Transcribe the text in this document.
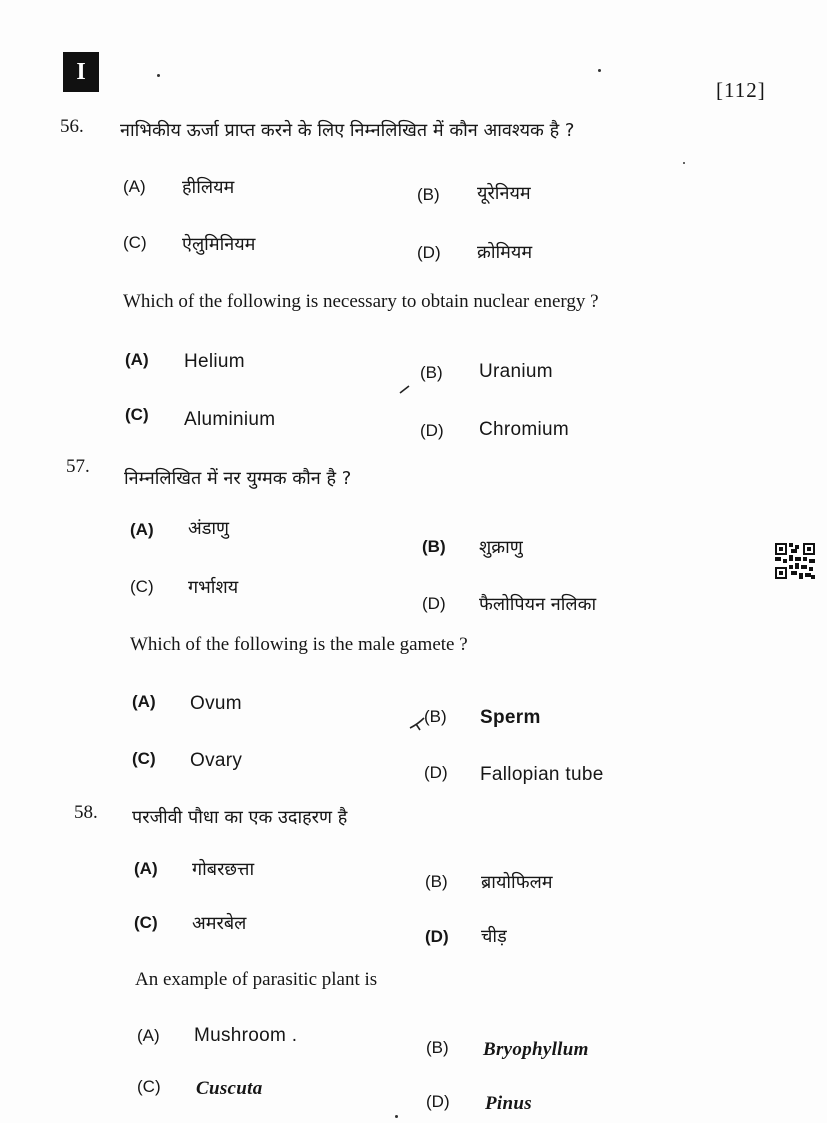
I
[112]
56. नाभिकीय ऊर्जा प्राप्त करने के लिए निम्नलिखित में कौन आवश्यक है ?
(A) हीलियम	(B) यूरेनियम
(C) ऐलुमिनियम	(D) क्रोमियम
Which of the following is necessary to obtain nuclear energy ?
(A) Helium
(B) Uranium
(C) Aluminium
(D) Chromium
57.
निम्नलिखित में नर युग्मक कौन है ?
(A) अंडाणु
(B) शुक्राणु
(C) गर्भाशय
(D) फैलोपियन नलिका
Which of the following is the male gamete ?
(A) Ovum
(B) Sperm
(C) Ovary
(D) Fallopian tube
58. परजीवी पौधा का एक उदाहरण है
(A) गोबरछत्ता
(B) ब्रायोफिलम
(C) अमरबेल
(D) चीड़
An example of parasitic plant is
(A) Mushroom .
(B) Bryophyllum
(C) Cuscuta
(D) Pinus
